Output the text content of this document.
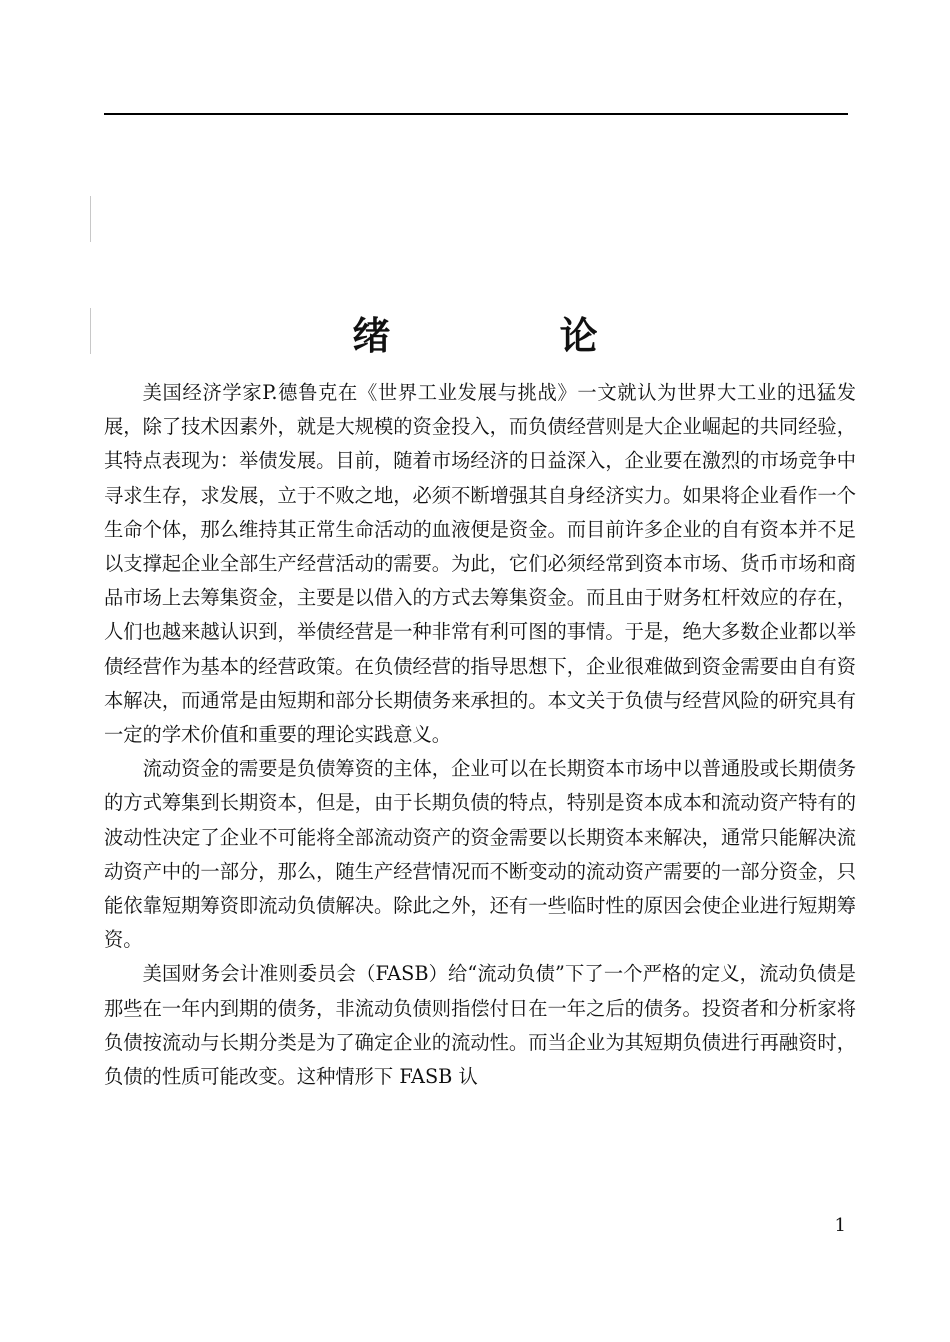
绪 论

美国经济学家P.德鲁克在《世界工业发展与挑战》一文就认为世界大工业的迅猛发展，除了技术因素外，就是大规模的资金投入，而负债经营则是大企业崛起的共同经验，其特点表现为：举债发展。目前，随着市场经济的日益深入，企业要在激烈的市场竞争中寻求生存，求发展，立于不败之地，必须不断增强其自身经济实力。如果将企业看作一个生命个体，那么维持其正常生命活动的血液便是资金。而目前许多企业的自有资本并不足以支撑起企业全部生产经营活动的需要。为此，它们必须经常到资本市场、货币市场和商品市场上去筹集资金，主要是以借入的方式去筹集资金。而且由于财务杠杆效应的存在，人们也越来越认识到，举债经营是一种非常有利可图的事情。于是，绝大多数企业都以举债经营作为基本的经营政策。在负债经营的指导思想下，企业很难做到资金需要由自有资本解决，而通常是由短期和部分长期债务来承担的。本文关于负债与经营风险的研究具有一定的学术价值和重要的理论实践意义。

流动资金的需要是负债筹资的主体，企业可以在长期资本市场中以普通股或长期债务的方式筹集到长期资本，但是，由于长期负债的特点，特别是资本成本和流动资产特有的波动性决定了企业不可能将全部流动资产的资金需要以长期资本来解决，通常只能解决流动资产中的一部分，那么，随生产经营情况而不断变动的流动资产需要的一部分资金，只能依靠短期筹资即流动负债解决。除此之外，还有一些临时性的原因会使企业进行短期筹资。

美国财务会计准则委员会（FASB）给“流动负债”下了一个严格的定义，流动负债是那些在一年内到期的债务，非流动负债则指偿付日在一年之后的债务。投资者和分析家将负债按流动与长期分类是为了确定企业的流动性。而当企业为其短期负债进行再融资时，负债的性质可能改变。这种情形下 FASB 认

1
